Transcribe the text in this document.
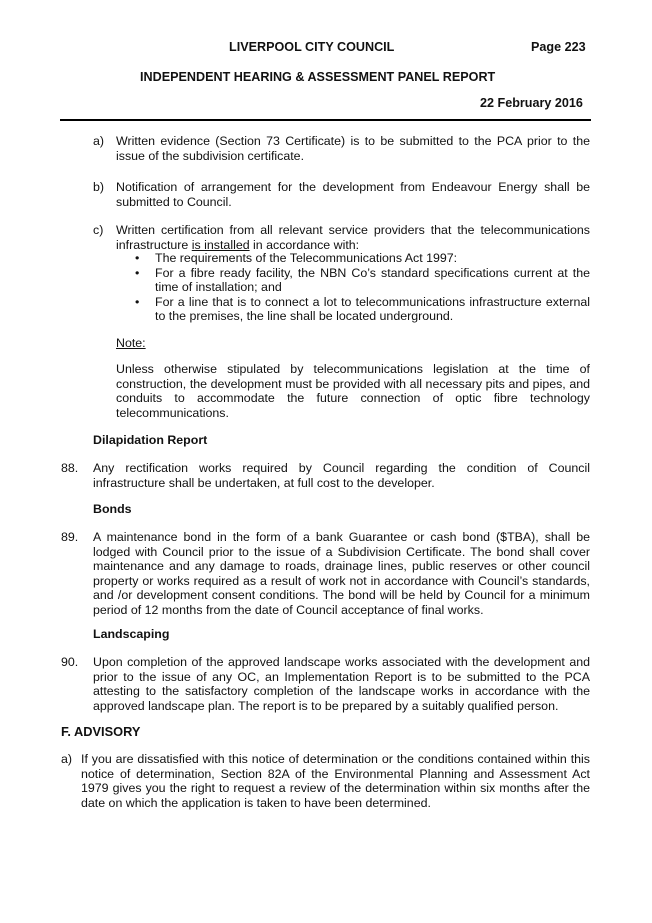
LIVERPOOL CITY COUNCIL	Page 223
INDEPENDENT HEARING & ASSESSMENT PANEL REPORT
22 February 2016
a) Written evidence (Section 73 Certificate) is to be submitted to the PCA prior to the issue of the subdivision certificate.
b) Notification of arrangement for the development from Endeavour Energy shall be submitted to Council.
c) Written certification from all relevant service providers that the telecommunications infrastructure is installed in accordance with:
• The requirements of the Telecommunications Act 1997:
• For a fibre ready facility, the NBN Co’s standard specifications current at the time of installation; and
• For a line that is to connect a lot to telecommunications infrastructure external to the premises, the line shall be located underground.
Note:
Unless otherwise stipulated by telecommunications legislation at the time of construction, the development must be provided with all necessary pits and pipes, and conduits to accommodate the future connection of optic fibre technology telecommunications.
Dilapidation Report
88. Any rectification works required by Council regarding the condition of Council infrastructure shall be undertaken, at full cost to the developer.
Bonds
89. A maintenance bond in the form of a bank Guarantee or cash bond ($TBA), shall be lodged with Council prior to the issue of a Subdivision Certificate. The bond shall cover maintenance and any damage to roads, drainage lines, public reserves or other council property or works required as a result of work not in accordance with Council’s standards, and /or development consent conditions. The bond will be held by Council for a minimum period of 12 months from the date of Council acceptance of final works.
Landscaping
90. Upon completion of the approved landscape works associated with the development and prior to the issue of any OC, an Implementation Report is to be submitted to the PCA attesting to the satisfactory completion of the landscape works in accordance with the approved landscape plan. The report is to be prepared by a suitably qualified person.
F. ADVISORY
a) If you are dissatisfied with this notice of determination or the conditions contained within this notice of determination, Section 82A of the Environmental Planning and Assessment Act 1979 gives you the right to request a review of the determination within six months after the date on which the application is taken to have been determined.
